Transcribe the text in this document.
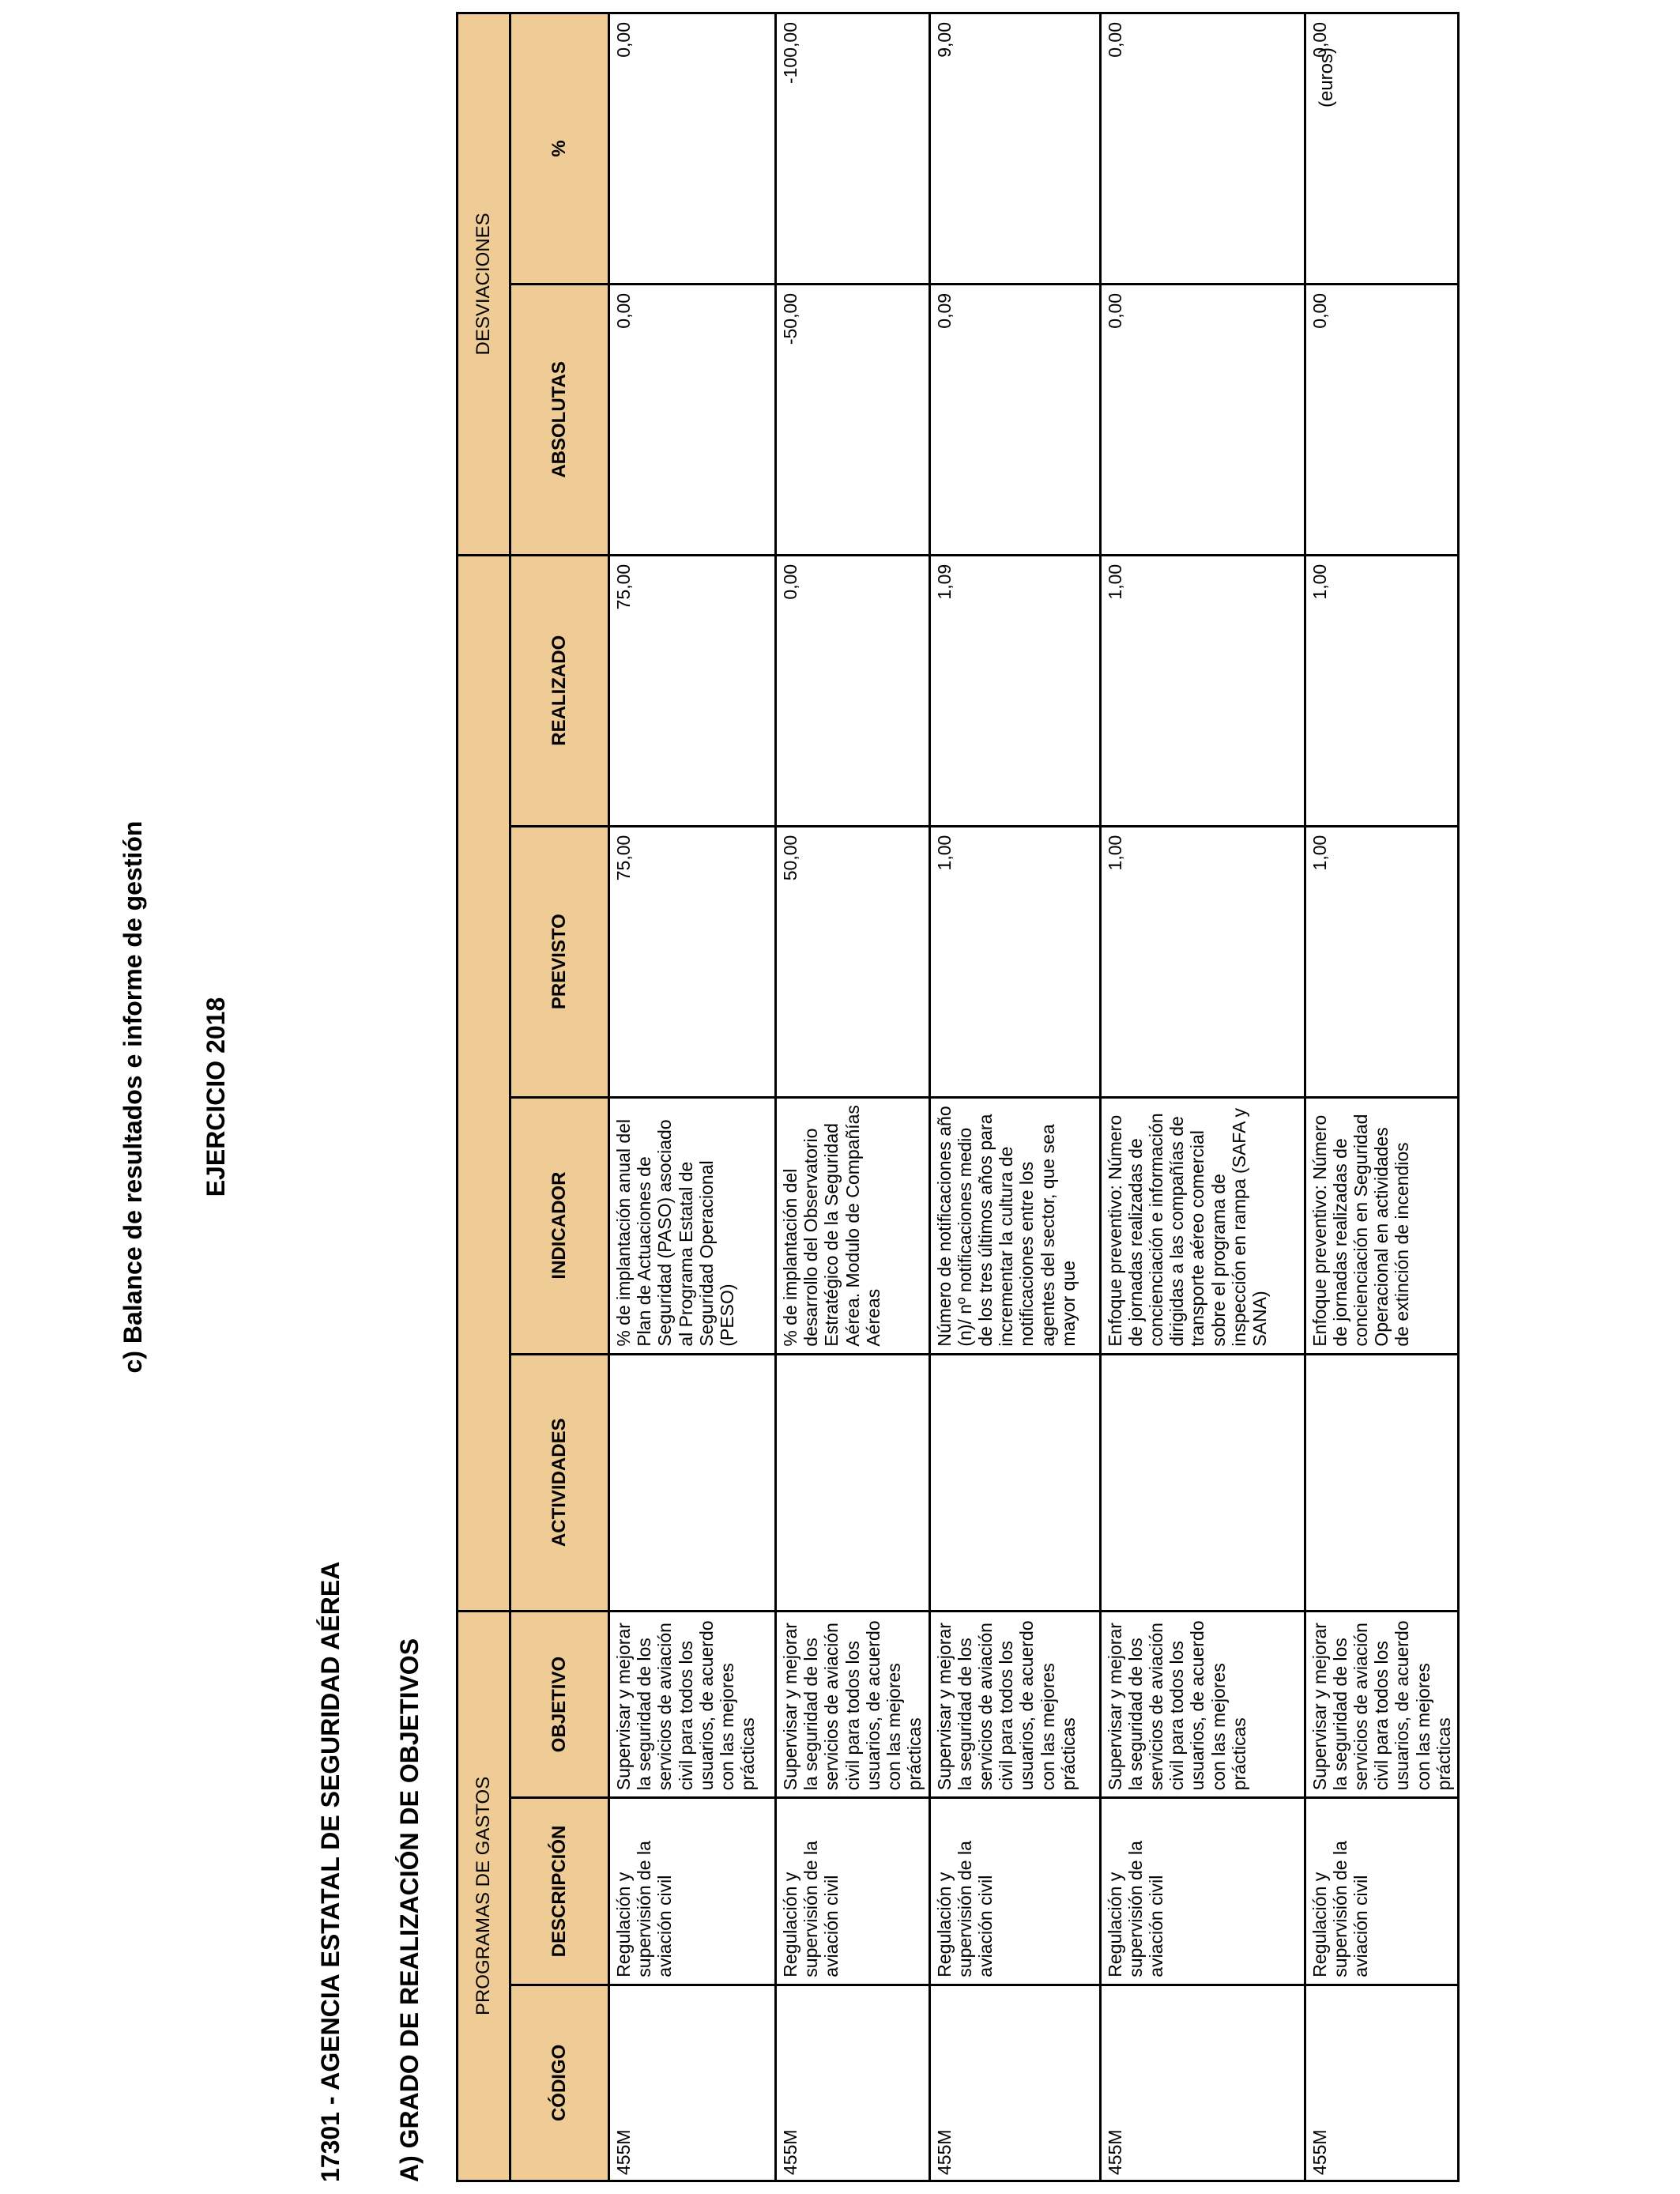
c) Balance de resultados e informe de gestión EJERCICIO 2018
17301 - AGENCIA ESTATAL DE SEGURIDAD AÉREA A) GRADO DE REALIZACIÓN DE OBJETIVOS
(euros)
PROGRAMAS DE GASTOS							DESVIACIONES	
CÓDIGO	DESCRIPCIÓN	OBJETIVO	ACTIVIDADES	INDICADOR	PREVISTO	REALIZADO	ABSOLUTAS	%
455M	Regulación y supervisión de la aviación civil	Supervisar y mejorar la seguridad de los servicios de aviación civil para todos los usuarios, de acuerdo con las mejores prácticas		% de implantación anual del Plan de Actuaciones de Seguridad (PASO) asociado al Programa Estatal de Seguridad Operacional (PESO)	75,00	75,00	0,00	0,00
455M	Regulación y supervisión de la aviación civil	Supervisar y mejorar la seguridad de los servicios de aviación civil para todos los usuarios, de acuerdo con las mejores prácticas		% de implantación del desarrollo del Observatorio Estratégico de la Seguridad Aérea. Modulo de Compañías Aéreas	50,00	0,00	-50,00	-100,00
455M	Regulación y supervisión de la aviación civil	Supervisar y mejorar la seguridad de los servicios de aviación civil para todos los usuarios, de acuerdo con las mejores prácticas		Número de notificaciones año (n)/ nº notificaciones medio de los tres últimos años para incrementar la cultura de notificaciones entre los agentes del sector, que sea mayor que	1,00	1,09	0,09	9,00
455M	Regulación y supervisión de la aviación civil	Supervisar y mejorar la seguridad de los servicios de aviación civil para todos los usuarios, de acuerdo con las mejores prácticas		Enfoque preventivo: Número de jornadas realizadas de concienciación e información dirigidas a las compañías de transporte aéreo comercial sobre el programa de inspección en rampa (SAFA y SANA)	1,00	1,00	0,00	0,00
455M	Regulación y supervisión de la aviación civil	Supervisar y mejorar la seguridad de los servicios de aviación civil para todos los usuarios, de acuerdo con las mejores prácticas		Enfoque preventivo: Número de jornadas realizadas de concienciación en Seguridad Operacional en actividades de extinción de incendios	1,00	1,00	0,00	0,00
